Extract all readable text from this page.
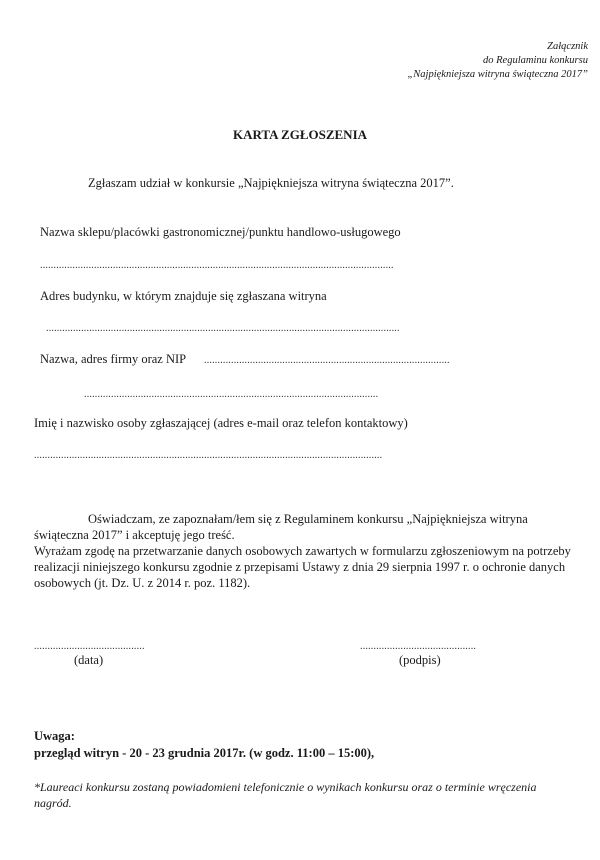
Załącznik
do Regulaminu konkursu
„Najpiękniejsza witryna świąteczna 2017”
KARTA ZGŁOSZENIA
Zgłaszam udział w konkursie „Najpiękniejsza witryna świąteczna 2017”.
Nazwa sklepu/placówki gastronomicznej/punktu handlowo-usługowego
...................................................................................................................................
Adres budynku, w którym znajduje się zgłaszana witryna
...................................................................................................................................
Nazwa, adres firmy oraz NIP ...........................................................................................
.............................................................................................................
Imię i nazwisko osoby zgłaszającej (adres e-mail oraz telefon kontaktowy)
.................................................................................................................................
Oświadczam, ze zapoznałam/łem się z Regulaminem konkursu „Najpiękniejsza witryna świąteczna 2017” i akceptuję jego treść.
Wyrażam zgodę na przetwarzanie danych osobowych zawartych w formularzu zgłoszeniowym na potrzeby realizacji niniejszego konkursu zgodnie z przepisami Ustawy z dnia 29 sierpnia 1997 r. o ochronie danych osobowych (jt. Dz. U. z 2014 r. poz. 1182).
.........................................
(data)
...........................................
(podpis)
Uwaga:
przegląd witryn - 20 - 23 grudnia 2017r. (w godz. 11:00 – 15:00),
*Laureaci konkursu zostaną powiadomieni telefonicznie o wynikach konkursu oraz o terminie wręczenia nagród.
